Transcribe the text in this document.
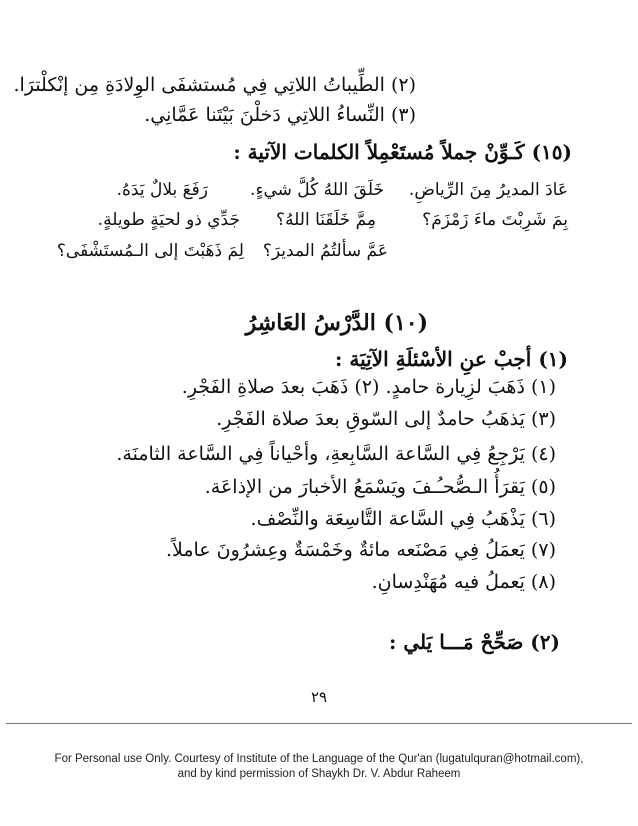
(٢) الطِّيباتُ اللاتِي فِي مُستشفَى الوِلادَةِ مِن إنْكلْترَا.
(٣) النِّساءُ اللاتِي دَخلْنَ بَيْتَنا عَمَّانِي.
(١٥) كَـوِّنْ جملاً مُستَعْمِلاً الكلمات الآتية :
عَادَ المديرُ مِنَ الرِّياضِ.
خَلَقَ اللهُ كُلَّ شيءٍ.
رَفَعَ بلالٌ يَدَهُ.
بِمَ شَرِبْتَ ماءَ زَمْزَمَ؟
مِمَّ خَلَقَنَا اللهُ؟
جَدِّي ذو لحيَةٍ طويلةٍ.
عَمَّ سألتُمُ المديرَ؟
لِمَ ذَهَبْتَ إلى الـمُستَشْفَى؟
(١٠) الدَّرْسُ العَاشِرُ
(١) أجبْ عنِ الأسْئلَةِ الآتِيَة :
(١) ذَهَبَ لزِيارة حامدٍ. (٢) ذَهَبَ بعدَ صلاةِ الفَجْرِ.
(٣) يَذهَبُ حامدٌ إلى السّوقِ بعدَ صلاة الفَجْرِ.
(٤) يَرْجِعُ فِي السَّاعة السَّابِعةِ، وأحْياناً فِي السَّاعة الثامنَة.
(٥) يَقرَأُ الـصُّحـُـفَ ويَسْمَعُ الأخبارَ من الإذاعَة.
(٦) يَذْهَبُ فِي السَّاعة التَّاسِعَة والنِّصْف.
(٧) يَعمَلُ فِي مَصْنَعه مائةٌ وخَمْسَةٌ وعِشرُونَ عاملاً.
(٨) يَعملُ فيه مُهَنْدِسانِ.
(٢) صَحِّحْ مَـــا يَلي :
٢٩
For Personal use Only. Courtesy of Institute of the Language of the Qur'an (lugatulquran@hotmail.com),
and by kind permission of Shaykh Dr. V. Abdur Raheem
